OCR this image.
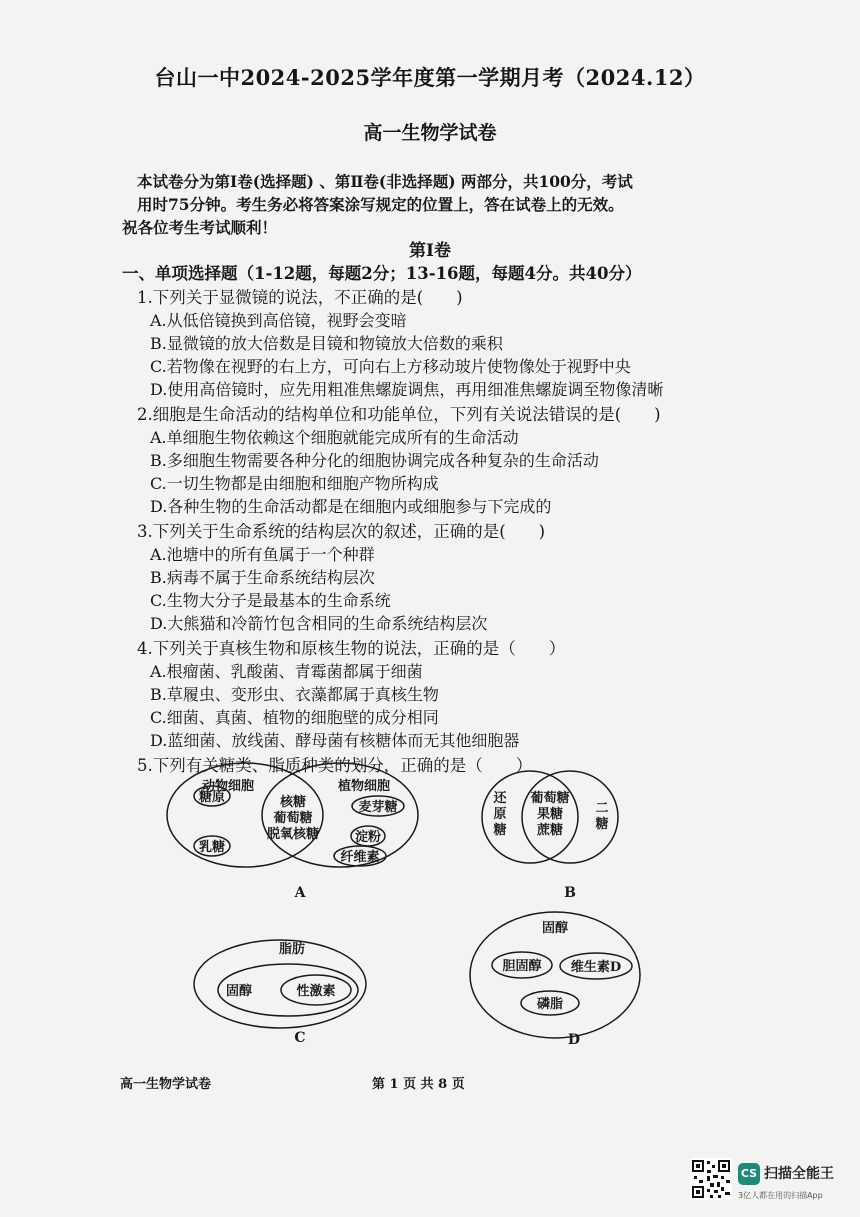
台山一中2024-2025学年度第一学期月考（2024.12）
高一生物学试卷
本试卷分为第Ⅰ卷(选择题) 、第Ⅱ卷(非选择题) 两部分，共100分，考试
用时75分钟。考生务必将答案涂写规定的位置上，答在试卷上的无效。
祝各位考生考试顺利！
第Ⅰ卷
一、单项选择题（1-12题，每题2分；13-16题，每题4分。共40分）
1.下列关于显微镜的说法，不正确的是(　　)
A.从低倍镜换到高倍镜，视野会变暗
B.显微镜的放大倍数是目镜和物镜放大倍数的乘积
C.若物像在视野的右上方，可向右上方移动玻片使物像处于视野中央
D.使用高倍镜时，应先用粗准焦螺旋调焦，再用细准焦螺旋调至物像清晰
2.细胞是生命活动的结构单位和功能单位，下列有关说法错误的是(　　)
A.单细胞生物依赖这个细胞就能完成所有的生命活动
B.多细胞生物需要各种分化的细胞协调完成各种复杂的生命活动
C.一切生物都是由细胞和细胞产物所构成
D.各种生物的生命活动都是在细胞内或细胞参与下完成的
3.下列关于生命系统的结构层次的叙述，正确的是(　　)
A.池塘中的所有鱼属于一个种群
B.病毒不属于生命系统结构层次
C.生物大分子是最基本的生命系统
D.大熊猫和冷箭竹包含相同的生命系统结构层次
4.下列关于真核生物和原核生物的说法，正确的是（　　）
A.根瘤菌、乳酸菌、青霉菌都属于细菌
B.草履虫、变形虫、衣藻都属于真核生物
C.细菌、真菌、植物的细胞壁的成分相同
D.蓝细菌、放线菌、酵母菌有核糖体而无其他细胞器
5.下列有关糖类、脂质种类的划分，正确的是（　　）
动物细胞	植物细胞
糖原
乳糖
核糖
葡萄糖
脱氧核糖
麦芽糖
淀粉
纤维素
A
还
原
糖
葡萄糖
果糖
蔗糖
二
糖
B
脂肪
固醇	性激素
C
固醇
胆固醇 维生素D
磷脂
D
高一生物学试卷	第 1 页 共 8 页
CS 扫描全能王
3亿人都在用的扫描App
